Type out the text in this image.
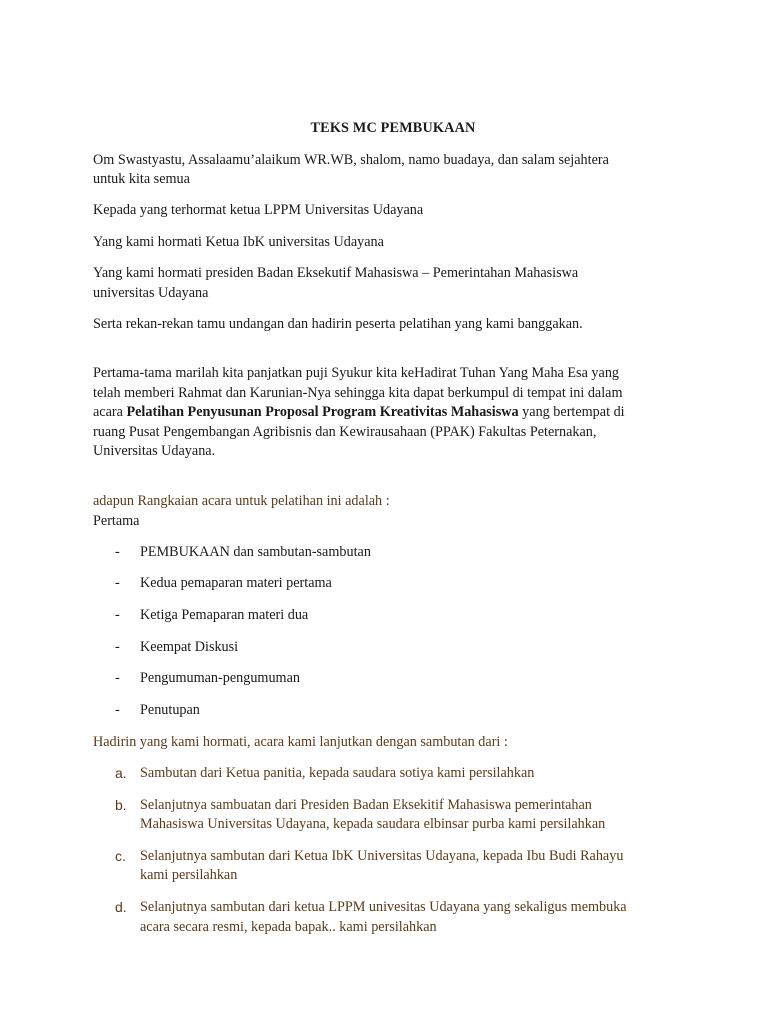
TEKS MC PEMBUKAAN
Om Swastyastu, Assalaamu’alaikum WR.WB, shalom, namo buadaya, dan salam sejahtera
untuk kita semua
Kepada yang terhormat ketua LPPM Universitas Udayana
Yang kami hormati Ketua IbK universitas Udayana
Yang kami hormati presiden Badan Eksekutif Mahasiswa – Pemerintahan Mahasiswa
universitas Udayana
Serta rekan-rekan tamu undangan dan hadirin peserta pelatihan yang kami banggakan.
Pertama-tama marilah kita panjatkan puji Syukur kita keHadirat Tuhan Yang Maha Esa yang
telah memberi Rahmat dan Karunian-Nya sehingga kita dapat berkumpul di tempat ini dalam
acara Pelatihan Penyusunan Proposal Program Kreativitas Mahasiswa yang bertempat di
ruang Pusat Pengembangan Agribisnis dan Kewirausahaan (PPAK) Fakultas Peternakan,
Universitas Udayana.
adapun Rangkaian acara untuk pelatihan ini adalah :
Pertama
- PEMBUKAAN dan sambutan-sambutan
- Kedua pemaparan materi pertama
- Ketiga Pemaparan materi dua
- Keempat Diskusi
- Pengumuman-pengumuman
- Penutupan
Hadirin yang kami hormati, acara kami lanjutkan dengan sambutan dari :
a. Sambutan dari Ketua panitia, kepada saudara sotiya kami persilahkan
b. Selanjutnya sambuatan dari Presiden Badan Eksekitif Mahasiswa pemerintahan
Mahasiswa Universitas Udayana, kepada saudara elbinsar purba kami persilahkan
c. Selanjutnya sambutan dari Ketua IbK Universitas Udayana, kepada Ibu Budi Rahayu
kami persilahkan
d. Selanjutnya sambutan dari ketua LPPM univesitas Udayana yang sekaligus membuka
acara secara resmi, kepada bapak.. kami persilahkan
